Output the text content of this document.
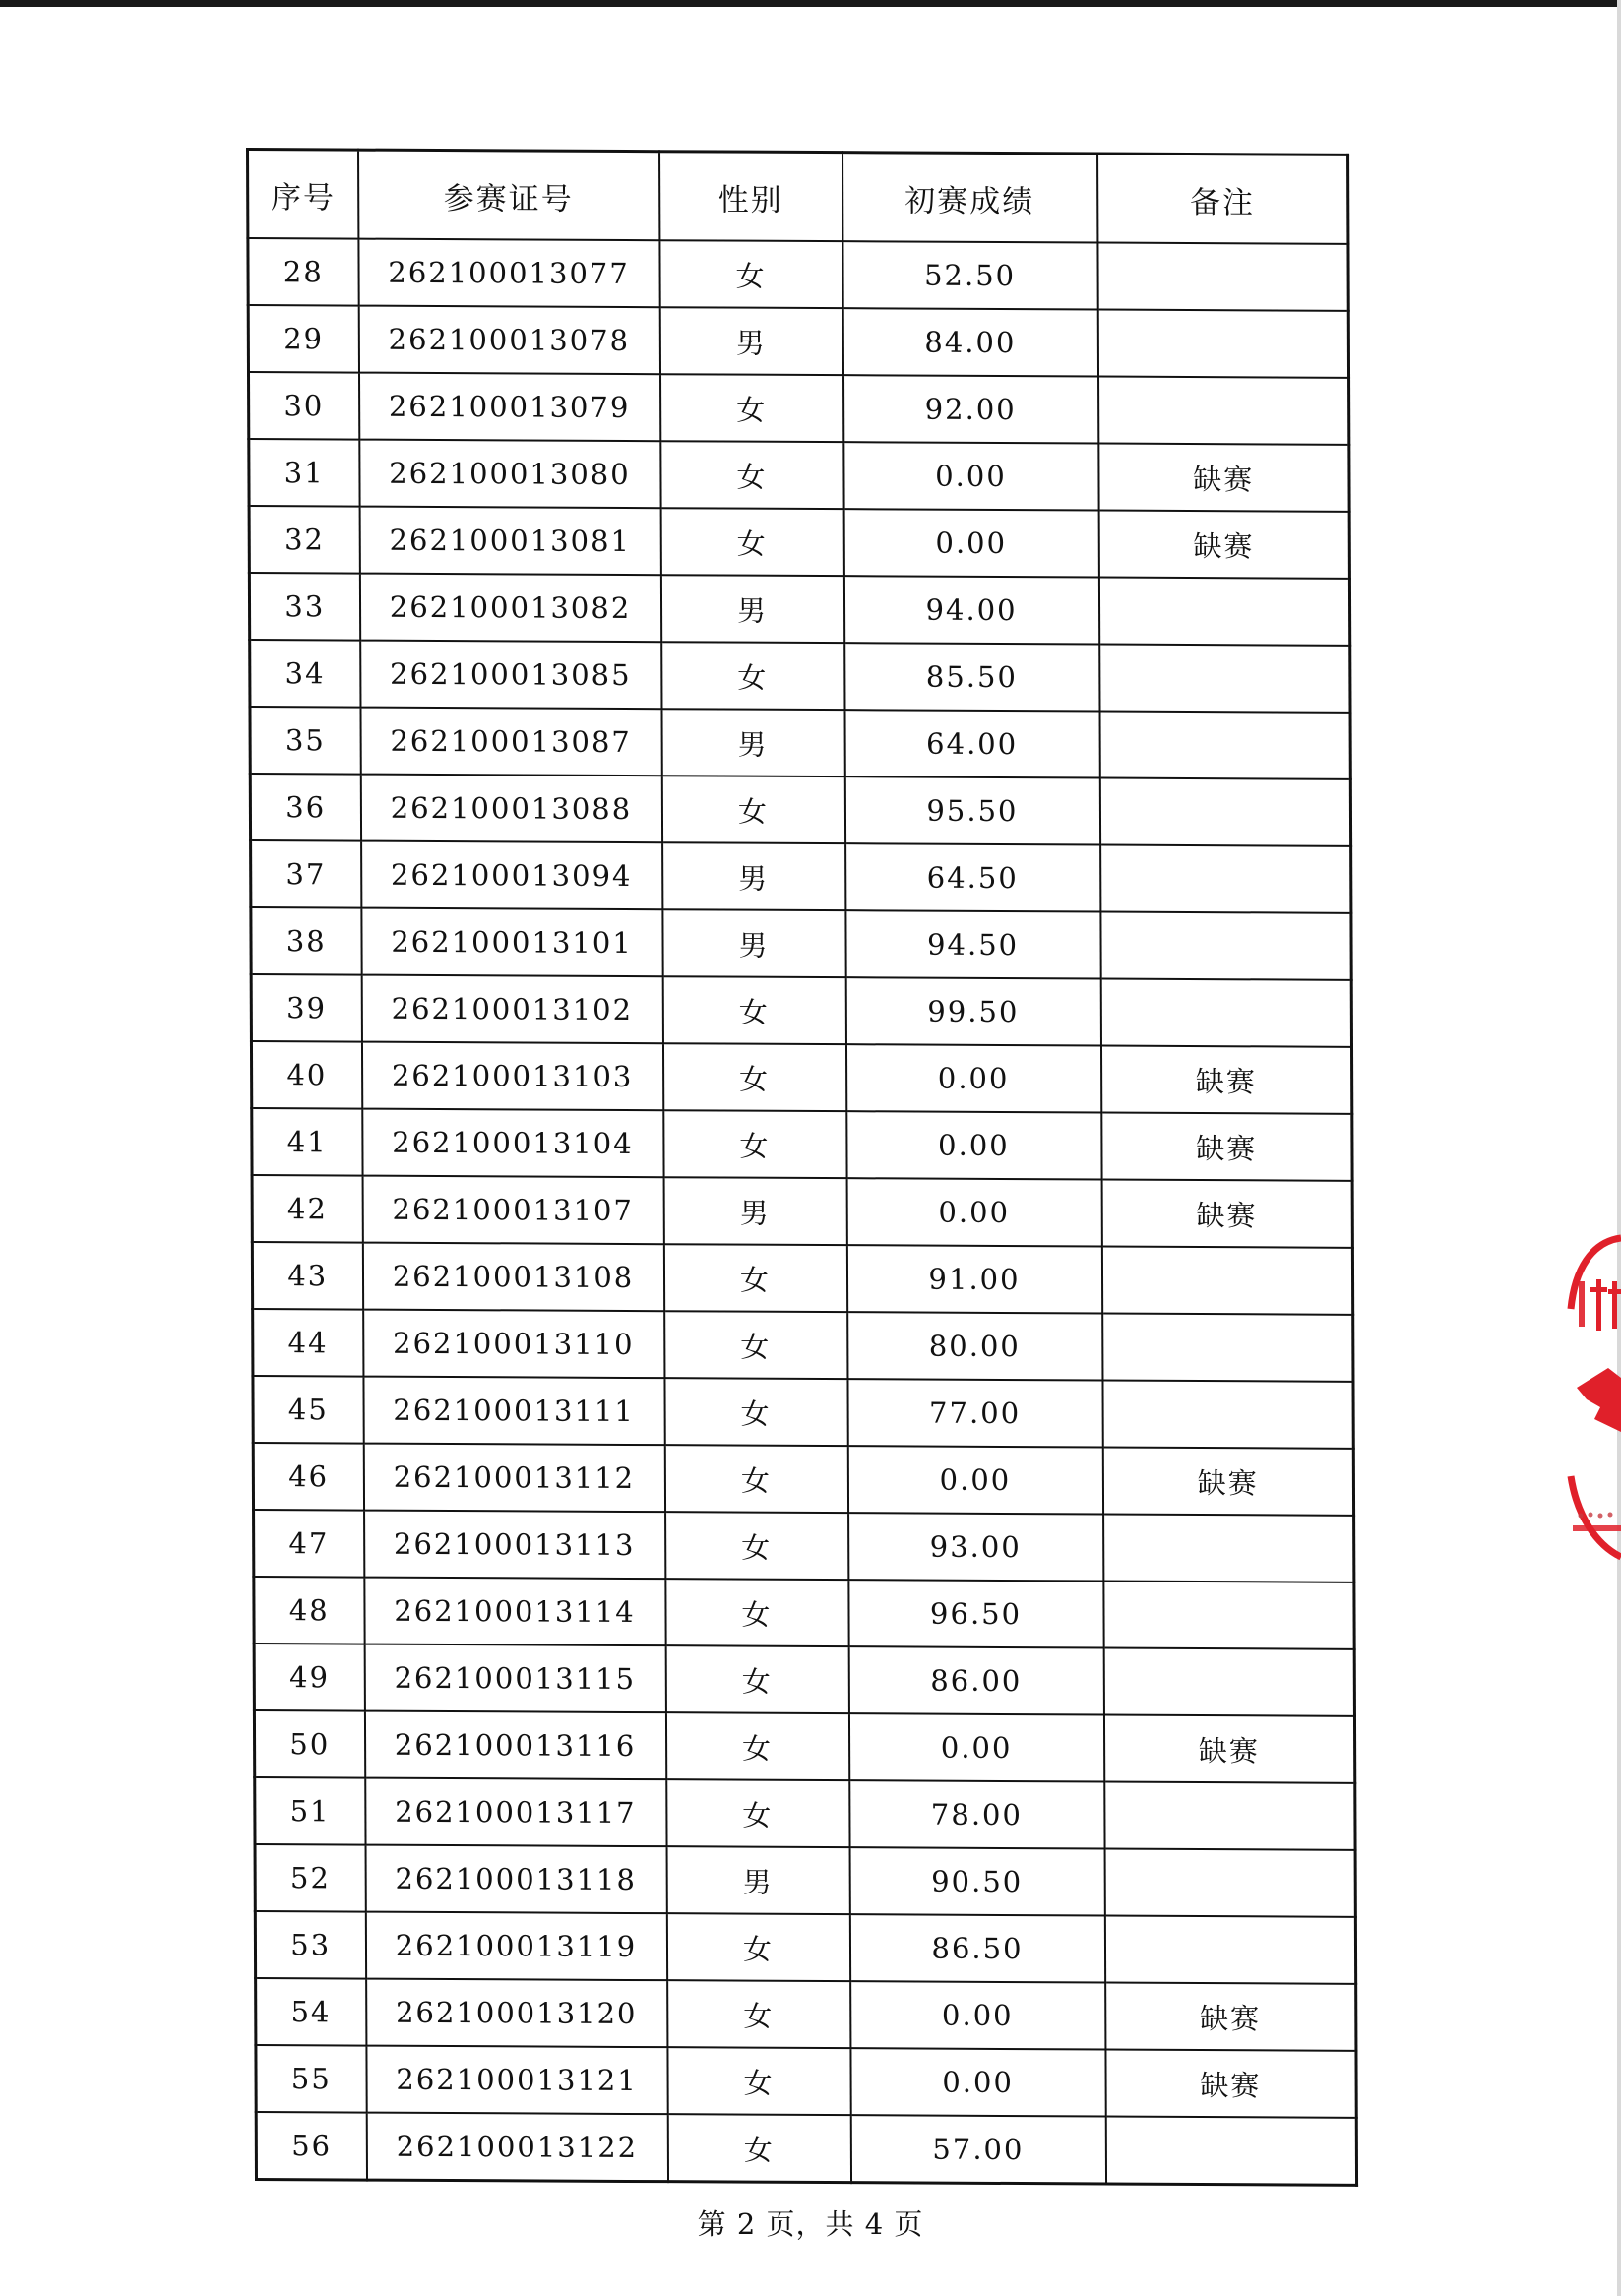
序号	参赛证号	性别	初赛成绩	备注
28	262100013077	女	52.50	
29	262100013078	男	84.00	
30	262100013079	女	92.00	
31	262100013080	女	0.00	缺赛
32	262100013081	女	0.00	缺赛
33	262100013082	男	94.00	
34	262100013085	女	85.50	
35	262100013087	男	64.00	
36	262100013088	女	95.50	
37	262100013094	男	64.50	
38	262100013101	男	94.50	
39	262100013102	女	99.50	
40	262100013103	女	0.00	缺赛
41	262100013104	女	0.00	缺赛
42	262100013107	男	0.00	缺赛
43	262100013108	女	91.00	
44	262100013110	女	80.00	
45	262100013111	女	77.00	
46	262100013112	女	0.00	缺赛
47	262100013113	女	93.00	
48	262100013114	女	96.50	
49	262100013115	女	86.00	
50	262100013116	女	0.00	缺赛
51	262100013117	女	78.00	
52	262100013118	男	90.50	
53	262100013119	女	86.50	
54	262100013120	女	0.00	缺赛
55	262100013121	女	0.00	缺赛
56	262100013122	女	57.00	
第 2 页，共 4 页
